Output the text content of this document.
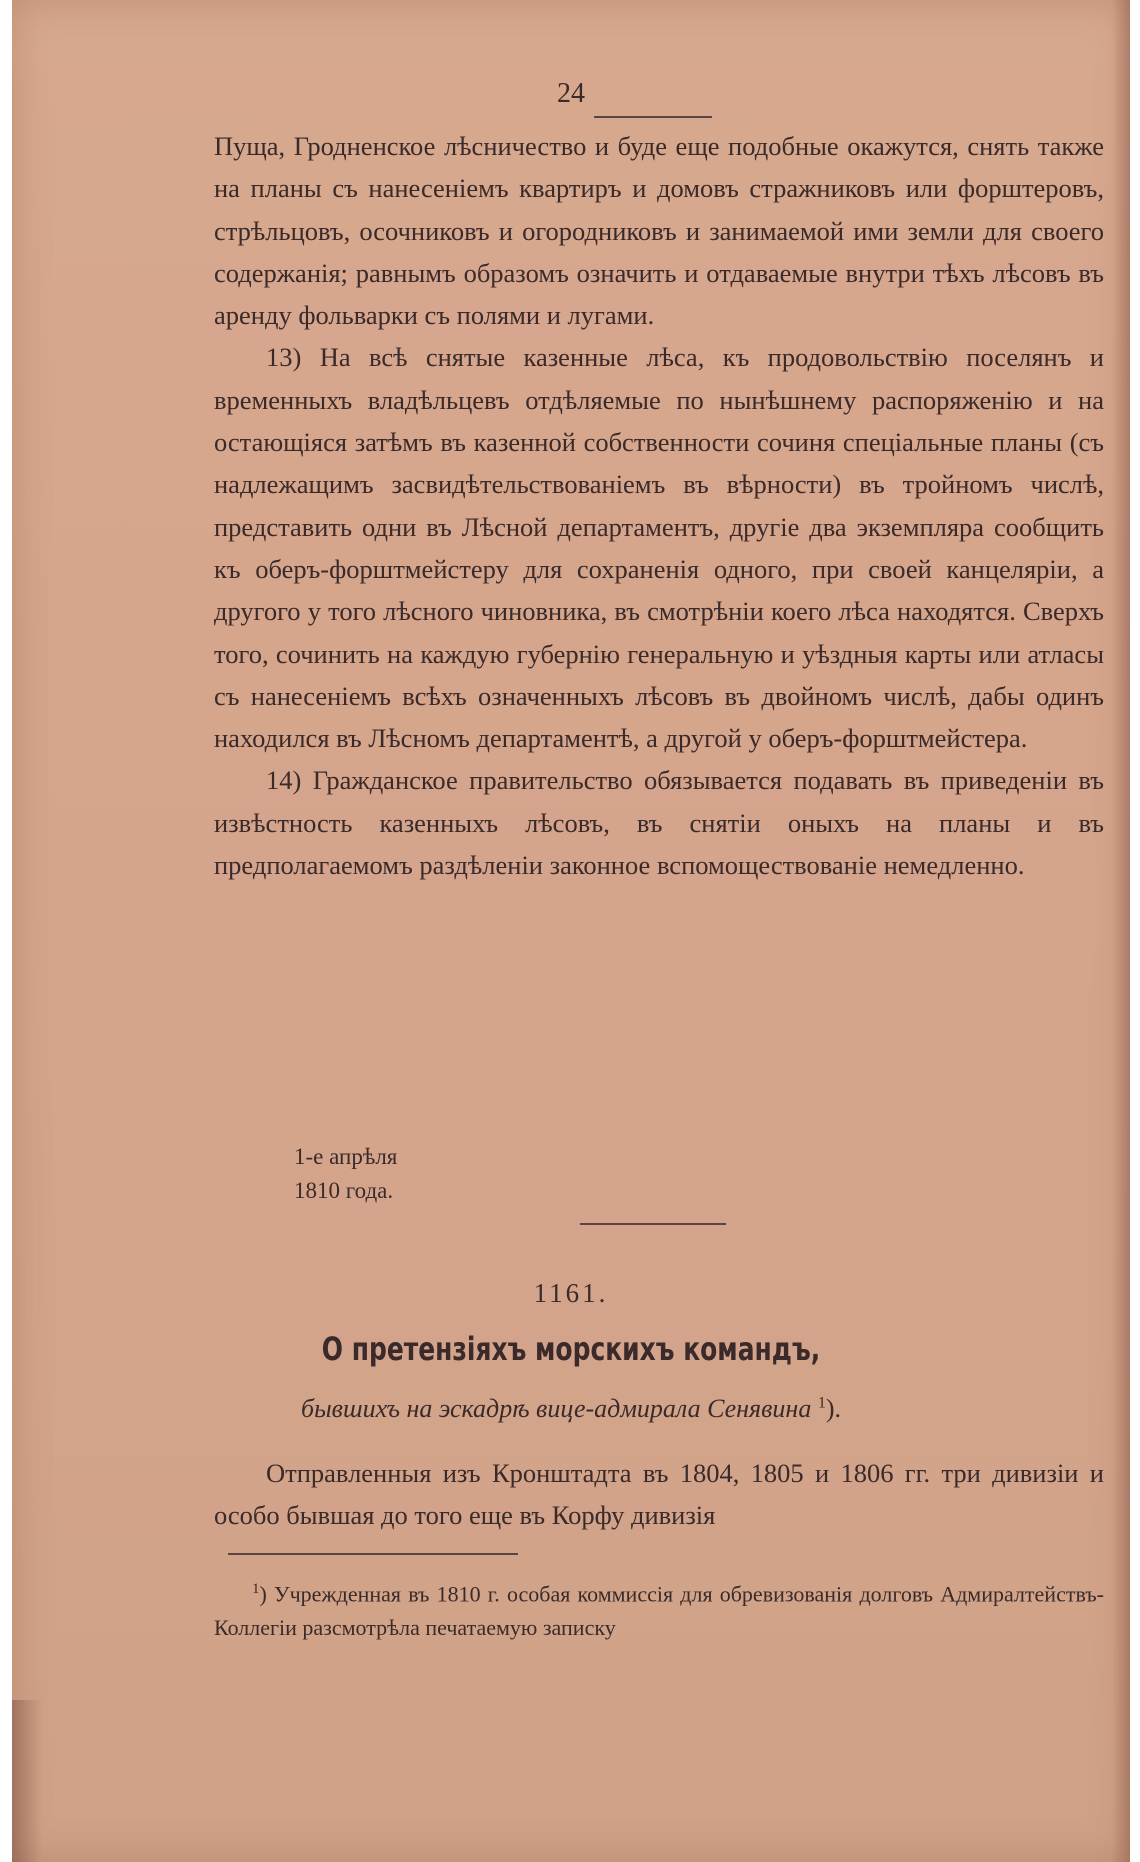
24

Пуща, Гродненское лѣсничество и буде еще подобные окажутся, снять также на планы съ нанесеніемъ квартиръ и домовъ стражниковъ или форштеровъ, стрѣльцовъ, осочниковъ и огородниковъ и занимаемой ими земли для своего содержанія; равнымъ образомъ означить и отдаваемые внутри тѣхъ лѣсовъ въ аренду фольварки съ полями и лугами.

13) На всѣ снятые казенные лѣса, къ продовольствію поселянъ и временныхъ владѣльцевъ отдѣляемые по нынѣшнему распоряженію и на остающіяся затѣмъ въ казенной собственности сочиня спеціальные планы (съ надлежащимъ засвидѣтельствованіемъ въ вѣрности) въ тройномъ числѣ, представить одни въ Лѣсной департаментъ, другіе два экземпляра сообщить къ оберъ-форштмейстеру для сохраненія одного, при своей канцеляріи, а другого у того лѣсного чиновника, въ смотрѣніи коего лѣса находятся. Сверхъ того, сочинить на каждую губернію генеральную и уѣздныя карты или атласы съ нанесеніемъ всѣхъ означенныхъ лѣсовъ въ двойномъ числѣ, дабы одинъ находился въ Лѣсномъ департаментѣ, а другой у оберъ-форштмейстера.

14) Гражданское правительство обязывается подавать въ приведеніи въ извѣстность казенныхъ лѣсовъ, въ снятіи оныхъ на планы и въ предполагаемомъ раздѣленіи законное вспомоществованіе немедленно.

1-е апрѣля
1810 года.
1161.
О претензіяхъ морскихъ командъ,
бывшихъ на эскадрѣ вице-адмирала Сенявина $^1$).

Отправленныя изъ Кронштадта въ 1804, 1805 и 1806 гг. три дивизіи и особо бывшая до того еще въ Корфу дивизія

$^1$) Учрежденная въ 1810 г. особая коммиссія для обревизованія долговъ Адмиралтействъ-Коллегіи разсмотрѣла печатаемую записку
